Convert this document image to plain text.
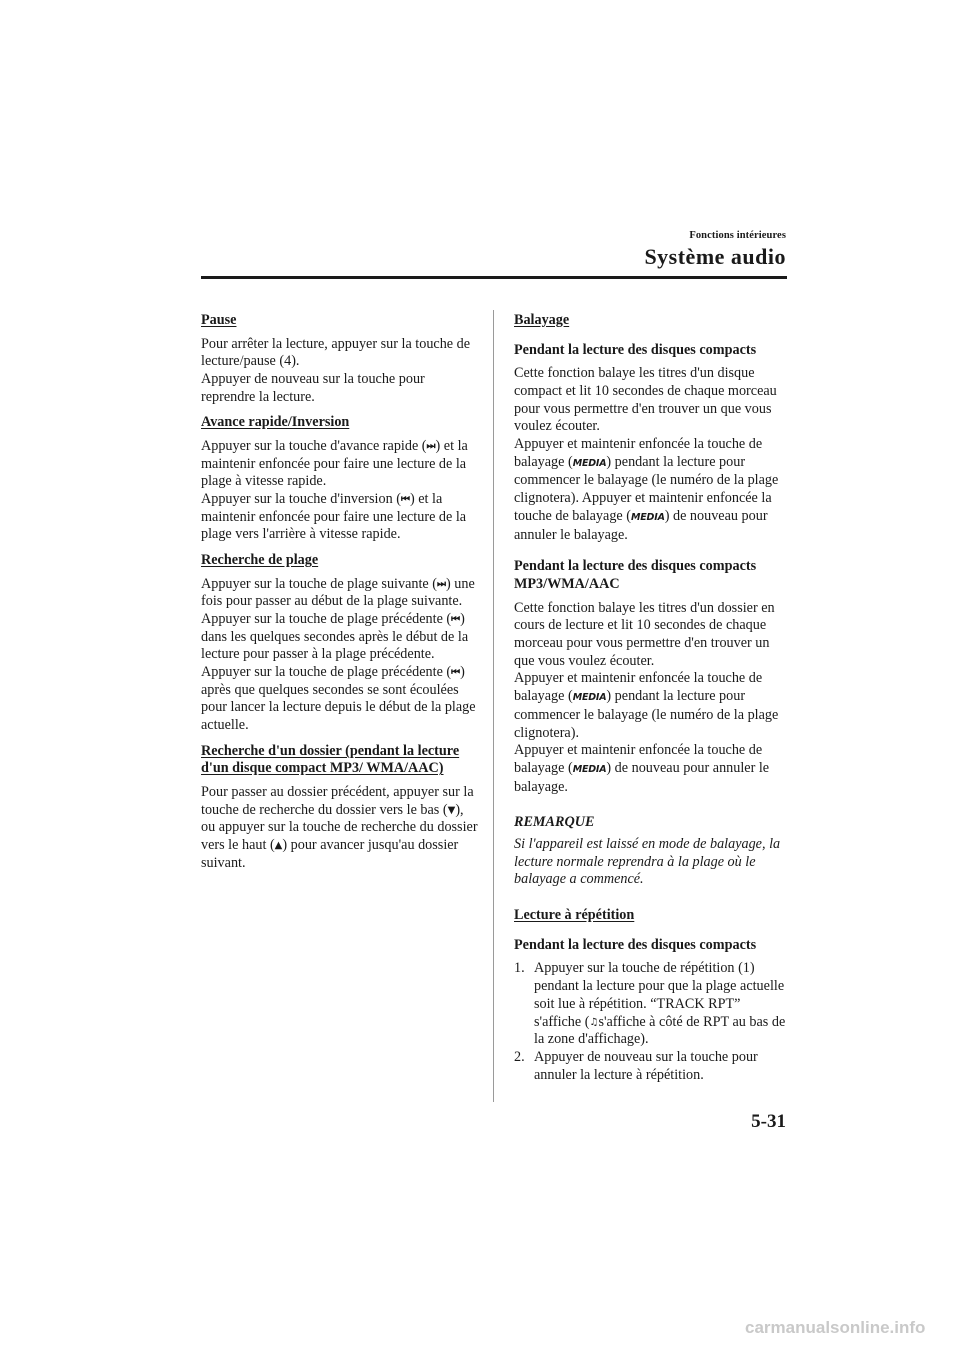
Fonctions intérieures
Système audio
Pause
Pour arrêter la lecture, appuyer sur la touche de lecture/pause (4).
Appuyer de nouveau sur la touche pour reprendre la lecture.
Avance rapide/Inversion
Appuyer sur la touche d'avance rapide (⏭) et la maintenir enfoncée pour faire une lecture de la plage à vitesse rapide.
Appuyer sur la touche d'inversion (⏮) et la maintenir enfoncée pour faire une lecture de la plage vers l'arrière à vitesse rapide.
Recherche de plage
Appuyer sur la touche de plage suivante (⏭) une fois pour passer au début de la plage suivante.
Appuyer sur la touche de plage précédente (⏮) dans les quelques secondes après le début de la lecture pour passer à la plage précédente.
Appuyer sur la touche de plage précédente (⏮) après que quelques secondes se sont écoulées pour lancer la lecture depuis le début de la plage actuelle.
Recherche d'un dossier (pendant la lecture d'un disque compact MP3/ WMA/AAC)
Pour passer au dossier précédent, appuyer sur la touche de recherche du dossier vers le bas (▼), ou appuyer sur la touche de recherche du dossier vers le haut (▲) pour avancer jusqu'au dossier suivant.
Balayage
Pendant la lecture des disques compacts
Cette fonction balaye les titres d'un disque compact et lit 10 secondes de chaque morceau pour vous permettre d'en trouver un que vous voulez écouter.
Appuyer et maintenir enfoncée la touche de balayage (MEDIA) pendant la lecture pour commencer le balayage (le numéro de la plage clignotera). Appuyer et maintenir enfoncée la touche de balayage (MEDIA) de nouveau pour annuler le balayage.
Pendant la lecture des disques compacts MP3/WMA/AAC
Cette fonction balaye les titres d'un dossier en cours de lecture et lit 10 secondes de chaque morceau pour vous permettre d'en trouver un que vous voulez écouter.
Appuyer et maintenir enfoncée la touche de balayage (MEDIA) pendant la lecture pour commencer le balayage (le numéro de la plage clignotera).
Appuyer et maintenir enfoncée la touche de balayage (MEDIA) de nouveau pour annuler le balayage.
REMARQUE
Si l'appareil est laissé en mode de balayage, la lecture normale reprendra à la plage où le balayage a commencé.
Lecture à répétition
Pendant la lecture des disques compacts
1. Appuyer sur la touche de répétition (1) pendant la lecture pour que la plage actuelle soit lue à répétition. “TRACK RPT” s'affiche (♫s'affiche à côté de RPT au bas de la zone d'affichage).
2. Appuyer de nouveau sur la touche pour annuler la lecture à répétition.
5-31
carmanualsonline.info
